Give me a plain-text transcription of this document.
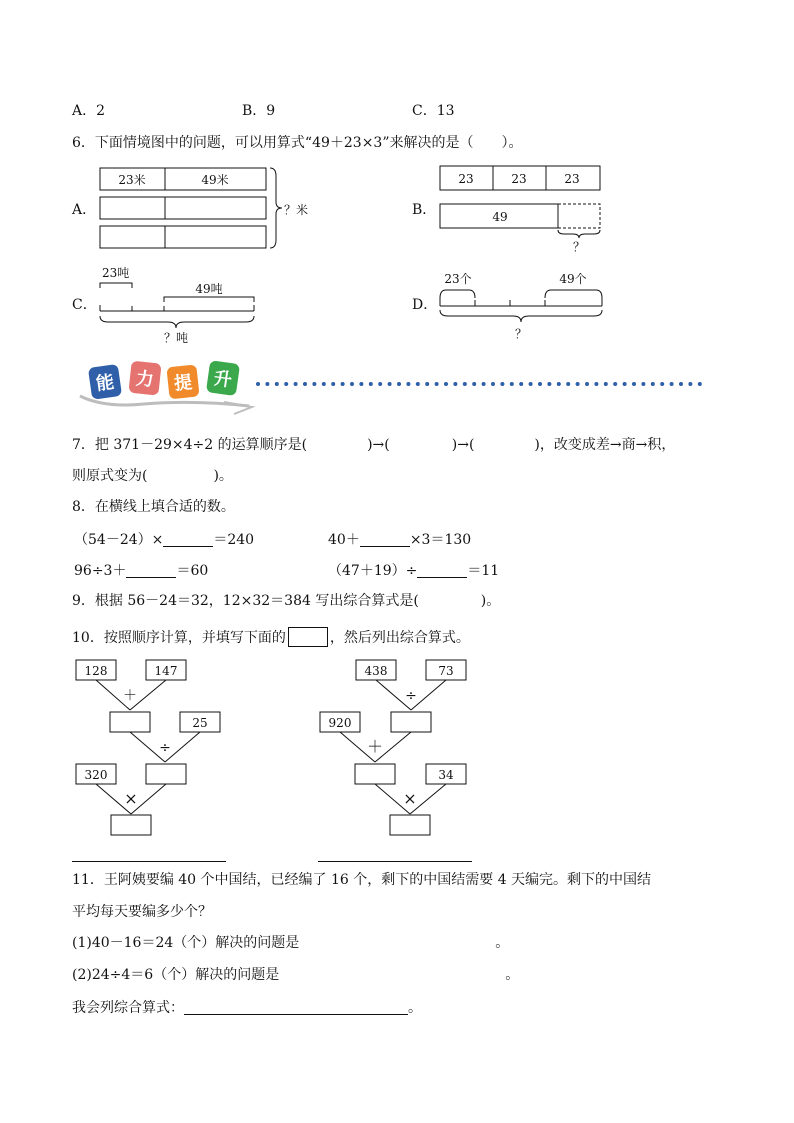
A．2	B．9	C．13
6．下面情境图中的问题，可以用算式“49＋23×3”来解决的是（　　）。
A．	B．
C．	D．
23米	49米
？米
23	23	23
49
？
23吨
49吨
？吨
23个	49个
？
能 力 提 升
7．把 371－29×4÷2 的运算顺序是(	)→(	)→(	)，改变成差→商→积，
则原式变为(	)。
8．在横线上填合适的数。
（54－24）×	＝240	40＋	×3＝130
96÷3＋	＝60	（47＋19）÷	＝11
9．根据 56－24＝32，12×32＝384 写出综合算式是(	)。
10．按照顺序计算，并填写下面的	，然后列出综合算式。
128	147
＋
25
÷
320
×
438	73
÷
920
＋
34
×
11．王阿姨要编 40 个中国结，已经编了 16 个，剩下的中国结需要 4 天编完。剩下的中国结
平均每天要编多少个？
(1)40－16＝24（个）解决的问题是	。
(2)24÷4＝6（个）解决的问题是	。
我会列综合算式：	。
